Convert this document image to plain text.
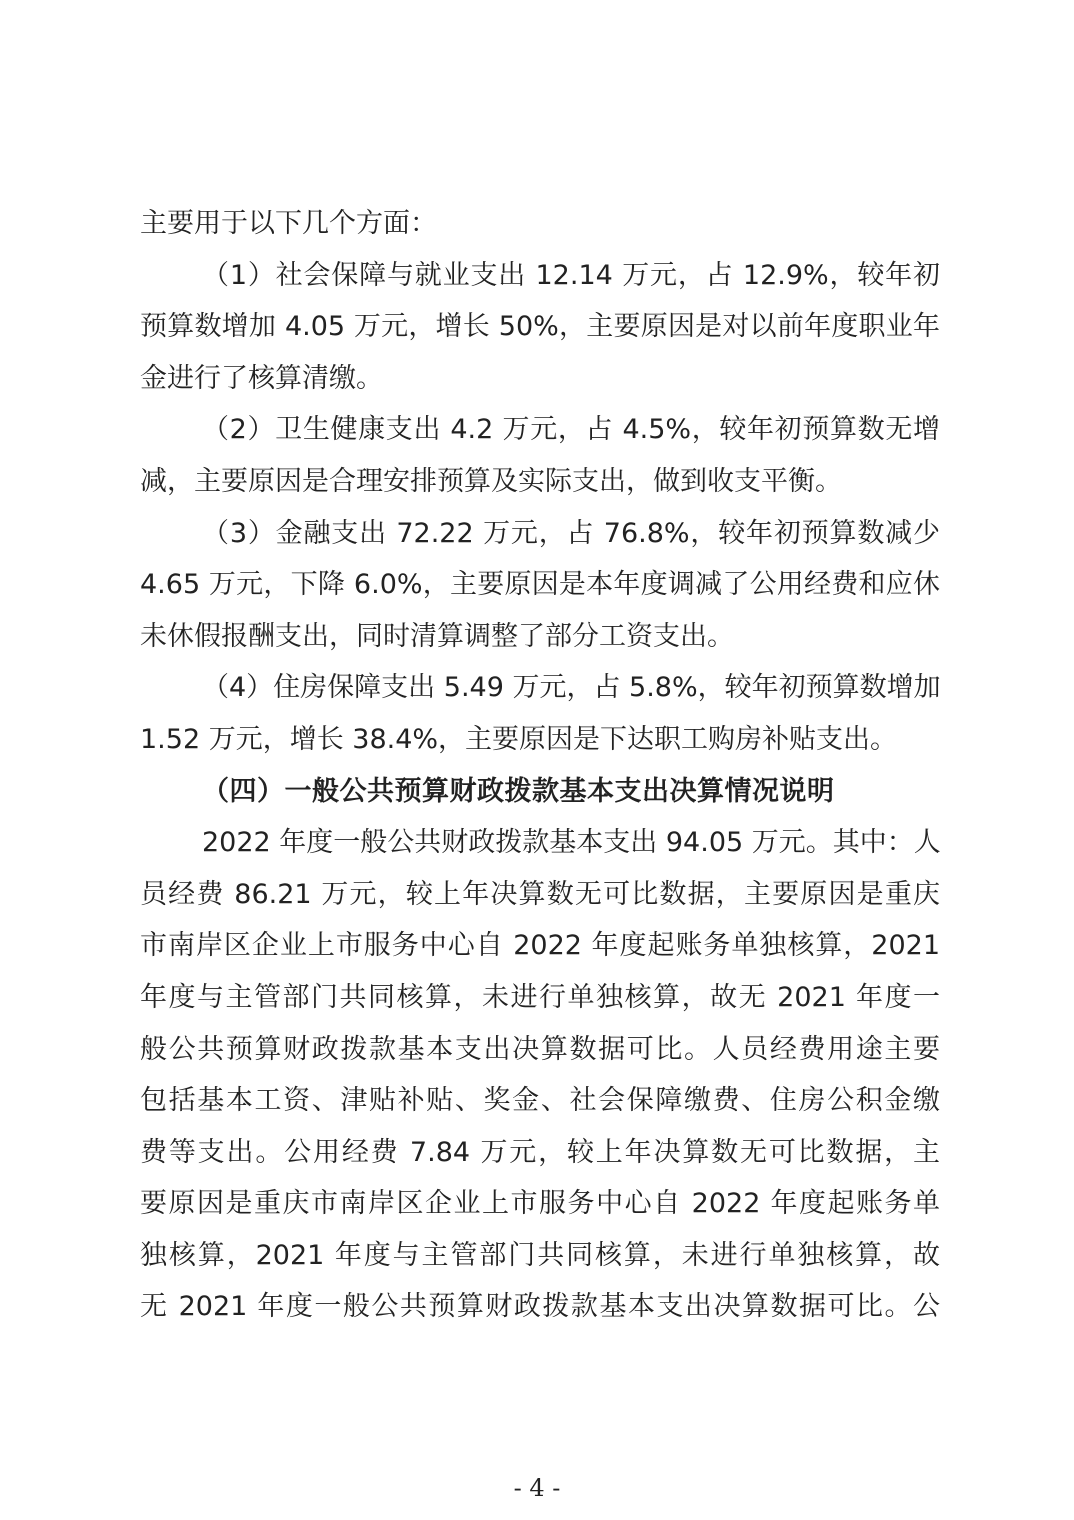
主要用于以下几个方面：
（1）社会保障与就业支出 12.14 万元，占 12.9%，较年初
预算数增加 4.05 万元，增长 50%，主要原因是对以前年度职业年
金进行了核算清缴。
（2）卫生健康支出 4.2 万元，占 4.5%，较年初预算数无增
减，主要原因是合理安排预算及实际支出，做到收支平衡。
（3）金融支出 72.22 万元，占 76.8%，较年初预算数减少
4.65 万元，下降 6.0%，主要原因是本年度调减了公用经费和应休
未休假报酬支出，同时清算调整了部分工资支出。
（4）住房保障支出 5.49 万元，占 5.8%，较年初预算数增加
1.52 万元，增长 38.4%，主要原因是下达职工购房补贴支出。
（四）一般公共预算财政拨款基本支出决算情况说明
2022 年度一般公共财政拨款基本支出 94.05 万元。其中：人
员经费 86.21 万元，较上年决算数无可比数据，主要原因是重庆
市南岸区企业上市服务中心自 2022 年度起账务单独核算，2021
年度与主管部门共同核算，未进行单独核算，故无 2021 年度一
般公共预算财政拨款基本支出决算数据可比。人员经费用途主要
包括基本工资、津贴补贴、奖金、社会保障缴费、住房公积金缴
费等支出。公用经费 7.84 万元，较上年决算数无可比数据，主
要原因是重庆市南岸区企业上市服务中心自 2022 年度起账务单
独核算，2021 年度与主管部门共同核算，未进行单独核算，故
无 2021 年度一般公共预算财政拨款基本支出决算数据可比。公
- 4 -
